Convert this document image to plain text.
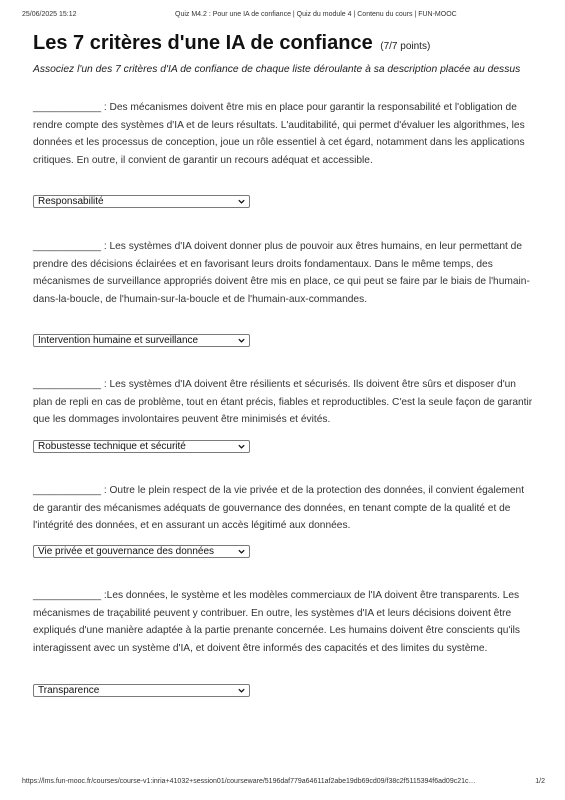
25/06/2025 15:12	Quiz M4.2 : Pour une IA de confiance | Quiz du module 4 | Contenu du cours | FUN-MOOC
Les 7 critères d'une IA de confiance (7/7 points)
Associez l'un des 7 critères d'IA de confiance de chaque liste déroulante à sa description placée au dessus

____________ : Des mécanismes doivent être mis en place pour garantir la responsabilité et l'obligation de rendre compte des systèmes d'IA et de leurs résultats. L'auditabilité, qui permet d'évaluer les algorithmes, les données et les processus de conception, joue un rôle essentiel à cet égard, notamment dans les applications critiques. En outre, il convient de garantir un recours adéquat et accessible.

Responsabilité

____________ : Les systèmes d'IA doivent donner plus de pouvoir aux êtres humains, en leur permettant de prendre des décisions éclairées et en favorisant leurs droits fondamentaux. Dans le même temps, des mécanismes de surveillance appropriés doivent être mis en place, ce qui peut se faire par le biais de l'humain-dans-la-boucle, de l'humain-sur-la-boucle et de l'humain-aux-commandes.

Intervention humaine et surveillance

____________ : Les systèmes d'IA doivent être résilients et sécurisés. Ils doivent être sûrs et disposer d'un plan de repli en cas de problème, tout en étant précis, fiables et reproductibles. C'est la seule façon de garantir que les dommages involontaires peuvent être minimisés et évités.

Robustesse technique et sécurité

____________ : Outre le plein respect de la vie privée et de la protection des données, il convient également de garantir des mécanismes adéquats de gouvernance des données, en tenant compte de la qualité et de l'intégrité des données, et en assurant un accès légitimé aux données.

Vie privée et gouvernance des données

____________ :Les données, le système et les modèles commerciaux de l'IA doivent être transparents. Les mécanismes de traçabilité peuvent y contribuer. En outre, les systèmes d'IA et leurs décisions doivent être expliqués d'une manière adaptée à la partie prenante concernée. Les humains doivent être conscients qu'ils interagissent avec un système d'IA, et doivent être informés des capacités et des limites du système.

Transparence
https://lms.fun-mooc.fr/courses/course-v1:inria+41032+session01/courseware/5196daf779a64611af2abe19db69cd09/f38c2f5115394f6ad09c21c…	1/2
